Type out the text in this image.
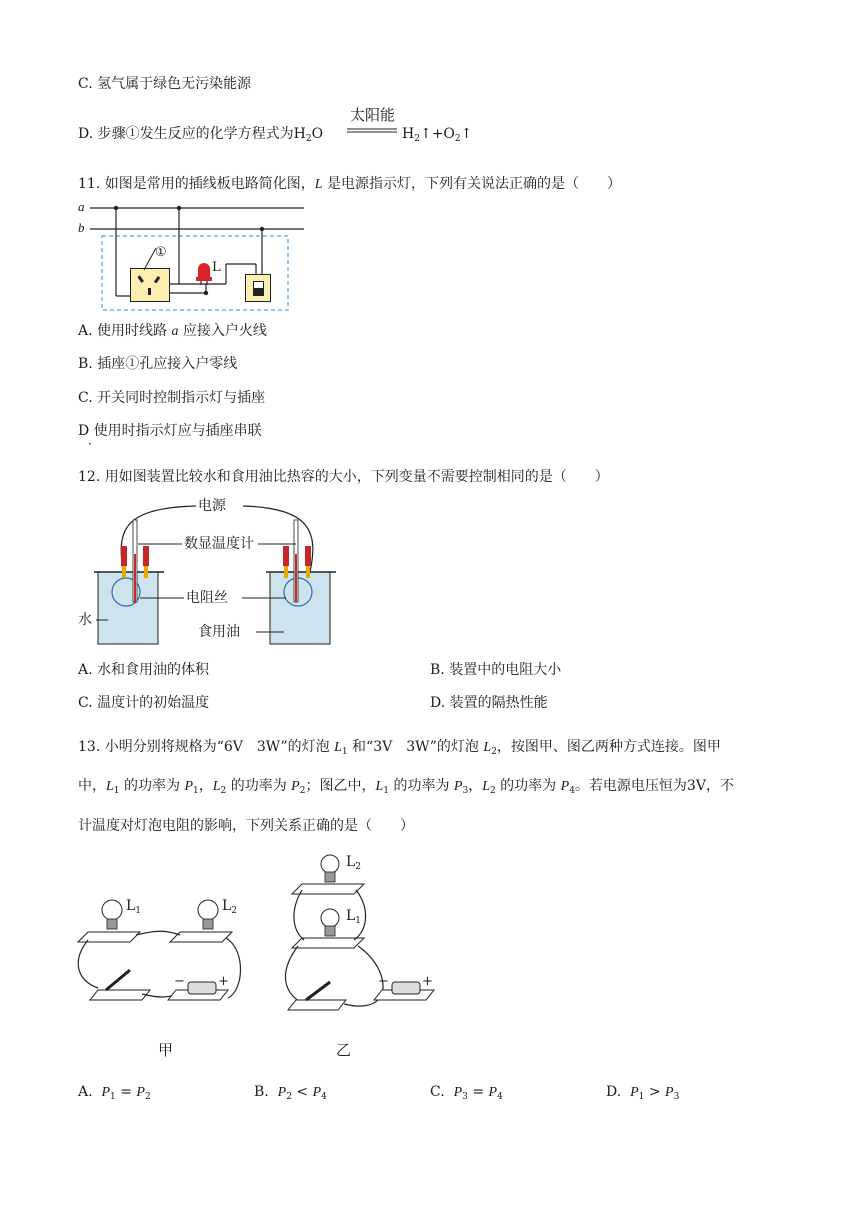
C. 氢气属于绿色无污染能源
D. 步骤①发生反应的化学方程式为$H_2O$
太阳能
$H_2↑+O_2↑$
11. 如图是常用的插线板电路简化图，L 是电源指示灯，下列有关说法正确的是（　　）
a
b
①
L
A. 使用时线路 a 应接入户火线
B. 插座①孔应接入户零线
C. 开关同时控制指示灯与插座
D 使用时指示灯应与插座串联
·
12. 用如图装置比较水和食用油比热容的大小，下列变量不需要控制相同的是（　　）
电源
数显温度计
电阻丝
水
食用油
A. 水和食用油的体积	B. 装置中的电阻大小
C. 温度计的初始温度	D. 装置的隔热性能
13. 小明分别将规格为“6V　3W”的灯泡 $L_1$ 和“3V　3W”的灯泡 $L_2$，按图甲、图乙两种方式连接。图甲
中，$L_1$ 的功率为 $P_1$，$L_2$ 的功率为 $P_2$；图乙中，$L_1$ 的功率为 $P_3$，$L_2$ 的功率为 $P_4$。若电源电压恒为3V，不
计温度对灯泡电阻的影响，下列关系正确的是（　　）
$L_1$	$L_2$
−	+
甲
$L_2$
$L_1$
−	+
乙
A. $P_1 = P_2$	B. $P_2 < P_4$	C. $P_3 = P_4$	D. $P_1 > P_3$
